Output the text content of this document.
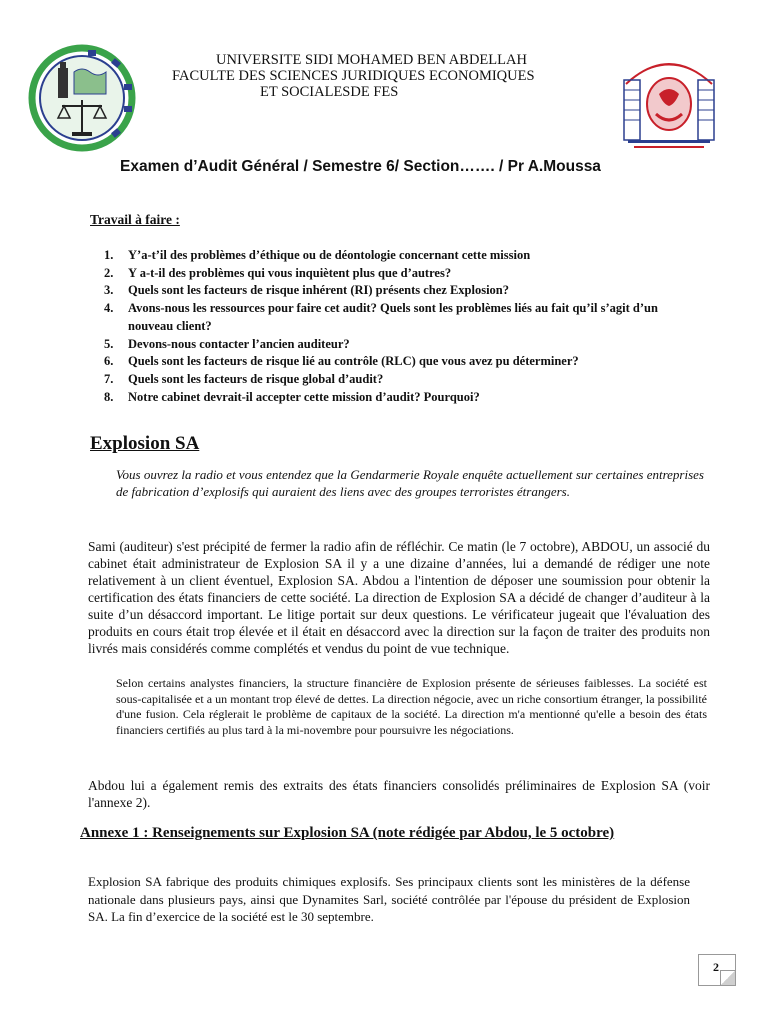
UNIVERSITE SIDI MOHAMED BEN ABDELLAH
FACULTE DES SCIENCES JURIDIQUES ECONOMIQUES
ET SOCIALESDE FES
Examen d’Audit Général / Semestre 6/ Section……. / Pr A.Moussa
Travail à faire :
1. Y’a-t’il des problèmes d’éthique ou de déontologie concernant cette mission
2. Y a-t-il des problèmes qui vous inquiètent plus que d’autres?
3. Quels sont les facteurs de risque inhérent (RI) présents chez Explosion?
4. Avons-nous les ressources pour faire cet audit? Quels sont les problèmes liés au fait qu’il s’agit d’un nouveau client?
5. Devons-nous contacter l’ancien auditeur?
6. Quels sont les facteurs de risque lié au contrôle (RLC) que vous avez pu déterminer?
7. Quels sont les facteurs de risque global d’audit?
8. Notre cabinet devrait-il accepter cette mission d’audit? Pourquoi?
Explosion SA
Vous ouvrez la radio et vous entendez que la Gendarmerie Royale enquête actuellement sur certaines entreprises de fabrication d’explosifs qui auraient des liens avec des groupes terroristes étrangers.
Sami (auditeur) s'est précipité de fermer la radio afin de réfléchir. Ce matin (le 7 octobre), ABDOU, un associé du cabinet était administrateur de Explosion SA il y a une dizaine d’années, lui a demandé de rédiger une note relativement à un client éventuel, Explosion SA. Abdou a l'intention de déposer une soumission pour obtenir la certification des états financiers de cette société. La direction de Explosion SA a décidé de changer d’auditeur à la suite d’un désaccord important. Le litige portait sur deux questions. Le vérificateur jugeait que l'évaluation des produits en cours était trop élevée et il était en désaccord avec la direction sur la façon de traiter des produits non livrés mais considérés comme complétés et vendus du point de vue technique.
Selon certains analystes financiers, la structure financière de Explosion présente de sérieuses faiblesses. La société est sous-capitalisée et a un montant trop élevé de dettes. La direction négocie, avec un riche consortium étranger, la possibilité d'une fusion. Cela réglerait le problème de capitaux de la société. La direction m'a mentionné qu'elle a besoin des états financiers certifiés au plus tard à la mi-novembre pour poursuivre les négociations.
Abdou lui a également remis des extraits des états financiers consolidés préliminaires de Explosion SA (voir l'annexe 2).
Annexe 1 : Renseignements sur Explosion SA (note rédigée par Abdou, le 5 octobre)
Explosion SA fabrique des produits chimiques explosifs. Ses principaux clients sont les ministères de la défense nationale dans plusieurs pays, ainsi que Dynamites Sarl, société contrôlée par l'épouse du président de Explosion SA. La fin d’exercice de la société est le 30 septembre.
2
